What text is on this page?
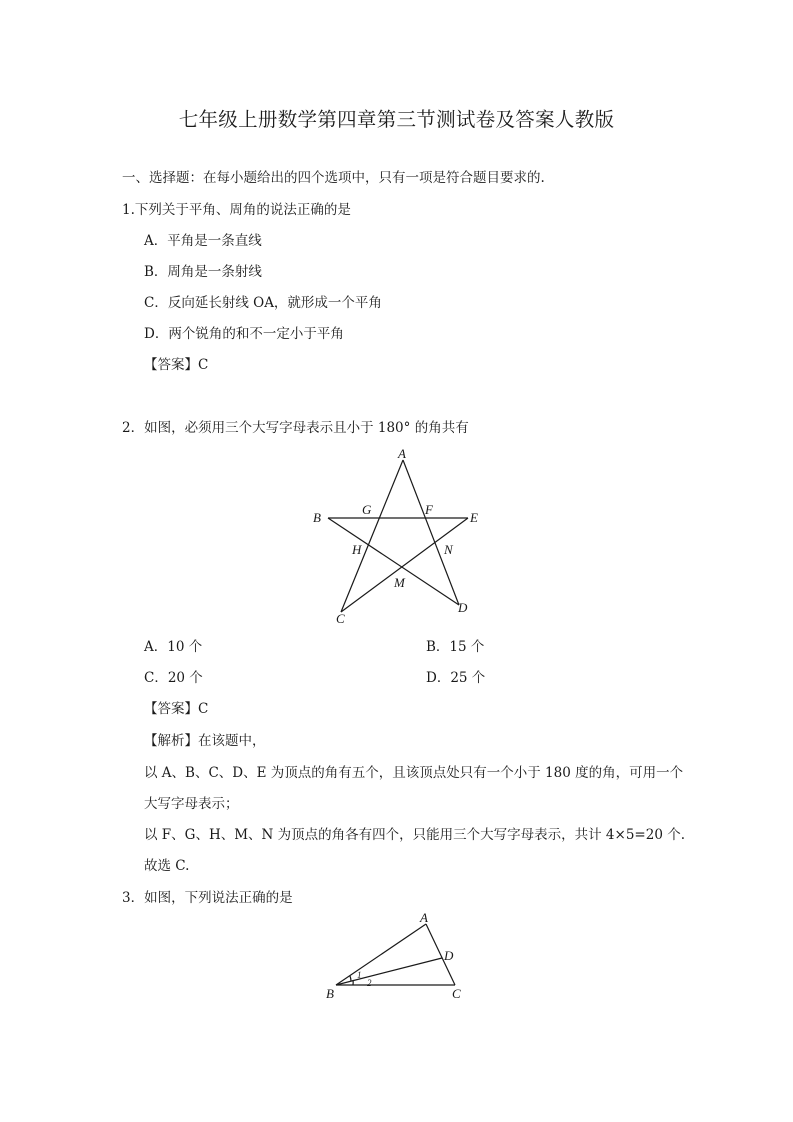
七年级上册数学第四章第三节测试卷及答案人教版
一、选择题：在每小题给出的四个选项中，只有一项是符合题目要求的.
1.下列关于平角、周角的说法正确的是
A．平角是一条直线
B．周角是一条射线
C．反向延长射线 OA，就形成一个平角
D．两个锐角的和不一定小于平角
【答案】C
2．如图，必须用三个大写字母表示且小于 180° 的角共有
A
B
C
D
E
F
G
H
M
N
A．10 个	B．15 个
C．20 个	D．25 个
【答案】C
【解析】在该题中，
以 A、B、C、D、E 为顶点的角有五个，且该顶点处只有一个小于 180 度的角，可用一个
大写字母表示；
以 F、G、H、M、N 为顶点的角各有四个，只能用三个大写字母表示，共计 4×5=20 个.
故选 C.
3．如图，下列说法正确的是
A
D
B	C
1
2
